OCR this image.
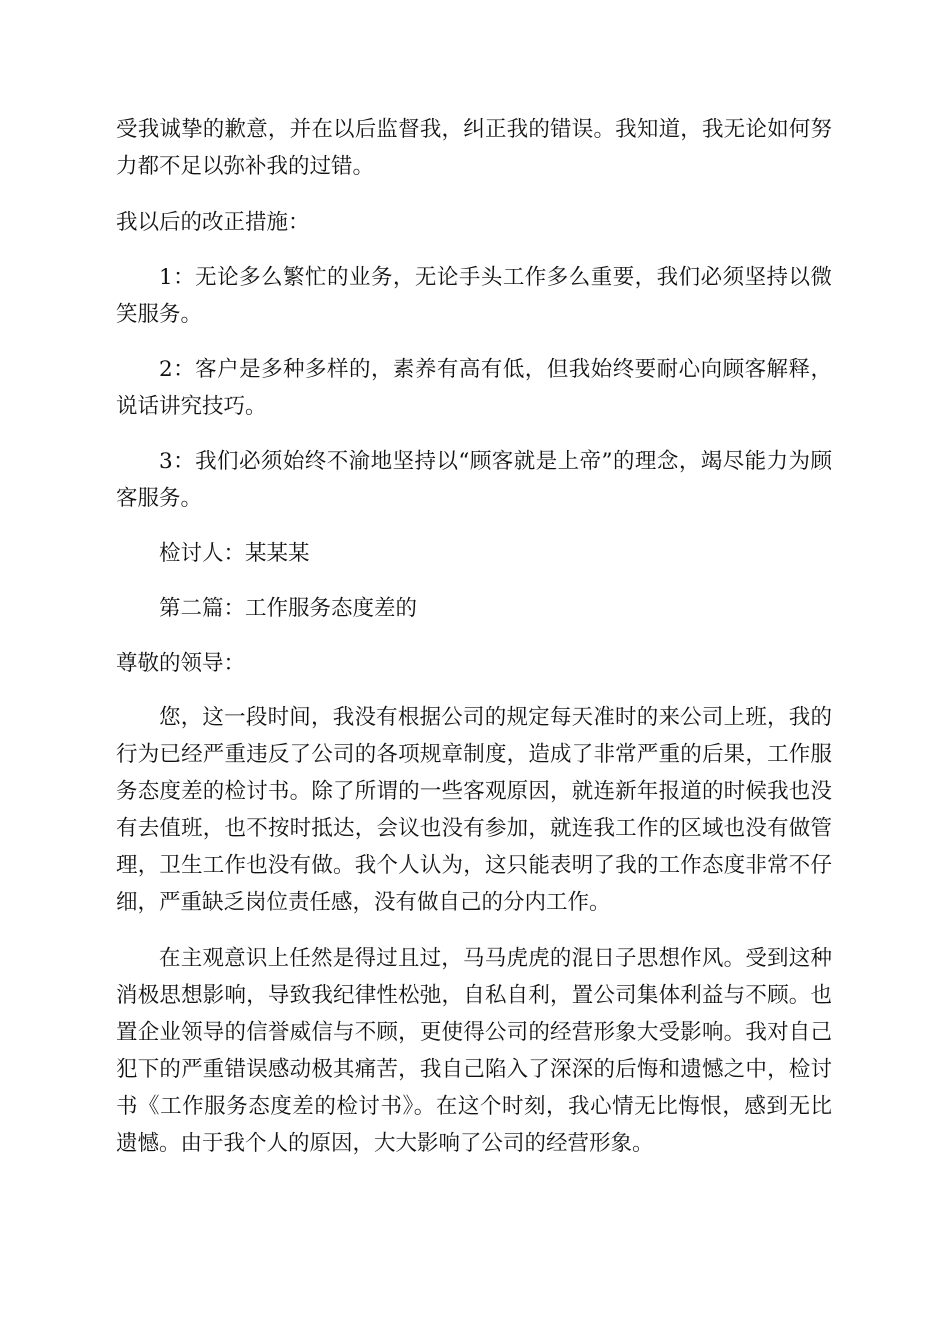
受我诚挚的歉意，并在以后监督我，纠正我的错误。我知道，我无论如何努力都不足以弥补我的过错。

我以后的改正措施：

1：无论多么繁忙的业务，无论手头工作多么重要，我们必须坚持以微笑服务。

2：客户是多种多样的，素养有高有低，但我始终要耐心向顾客解释，说话讲究技巧。

3：我们必须始终不渝地坚持以“顾客就是上帝”的理念，竭尽能力为顾客服务。

检讨人：某某某

第二篇：工作服务态度差的

尊敬的领导：

您，这一段时间，我没有根据公司的规定每天准时的来公司上班，我的行为已经严重违反了公司的各项规章制度，造成了非常严重的后果，工作服务态度差的检讨书。除了所谓的一些客观原因，就连新年报道的时候我也没有去值班，也不按时抵达，会议也没有参加，就连我工作的区域也没有做管理，卫生工作也没有做。我个人认为，这只能表明了我的工作态度非常不仔细，严重缺乏岗位责任感，没有做自己的分内工作。

在主观意识上任然是得过且过，马马虎虎的混日子思想作风。受到这种消极思想影响，导致我纪律性松弛，自私自利，置公司集体利益与不顾。也置企业领导的信誉威信与不顾，更使得公司的经营形象大受影响。我对自己犯下的严重错误感动极其痛苦，我自己陷入了深深的后悔和遗憾之中，检讨书《工作服务态度差的检讨书》。在这个时刻，我心情无比悔恨，感到无比遗憾。由于我个人的原因，大大影响了公司的经营形象。
